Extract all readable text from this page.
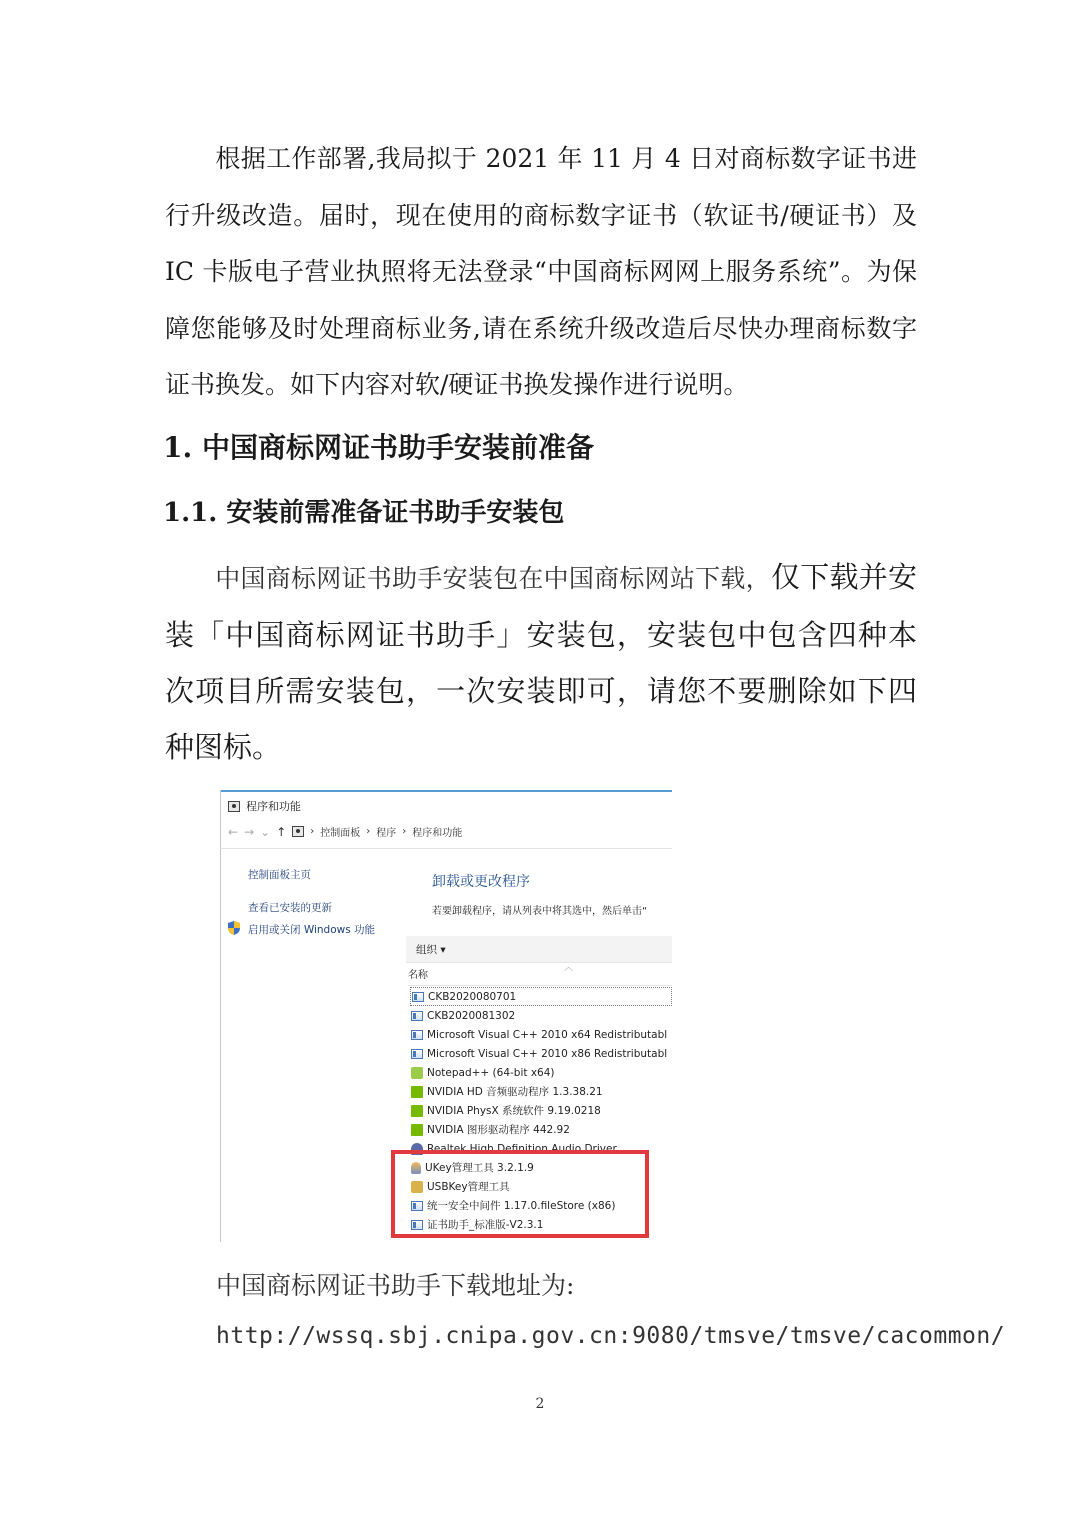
根据工作部署,我局拟于 2021 年 11 月 4 日对商标数字证书进行升级改造。届时，现在使用的商标数字证书（软证书/硬证书）及 IC 卡版电子营业执照将无法登录“中国商标网网上服务系统”。为保障您能够及时处理商标业务,请在系统升级改造后尽快办理商标数字证书换发。如下内容对软/硬证书换发操作进行说明。

1. 中国商标网证书助手安装前准备

1.1. 安装前需准备证书助手安装包

中国商标网证书助手安装包在中国商标网站下载，仅下载并安装「中国商标网证书助手」安装包，安装包中包含四种本次项目所需安装包，一次安装即可，请您不要删除如下四种图标。

程序和功能
← → ⌄ ↑ › 控制面板 › 程序 › 程序和功能
控制面板主页
查看已安装的更新
启用或关闭 Windows 功能
卸载或更改程序
若要卸载程序，请从列表中将其选中，然后单击“
组织 ▾
︿
名称
CKB2020080701
CKB2020081302
Microsoft Visual C++ 2010 x64 Redistributabl
Microsoft Visual C++ 2010 x86 Redistributabl
Notepad++ (64-bit x64)
NVIDIA HD 音频驱动程序 1.3.38.21
NVIDIA PhysX 系统软件 9.19.0218
NVIDIA 图形驱动程序 442.92
Realtek High Definition Audio Driver
UKey管理工具 3.2.1.9
USBKey管理工具
统一安全中间件 1.17.0.fileStore (x86)
证书助手_标准版-V2.3.1

中国商标网证书助手下载地址为:

http://wssq.sbj.cnipa.gov.cn:9080/tmsve/tmsve/cacommon/

2
